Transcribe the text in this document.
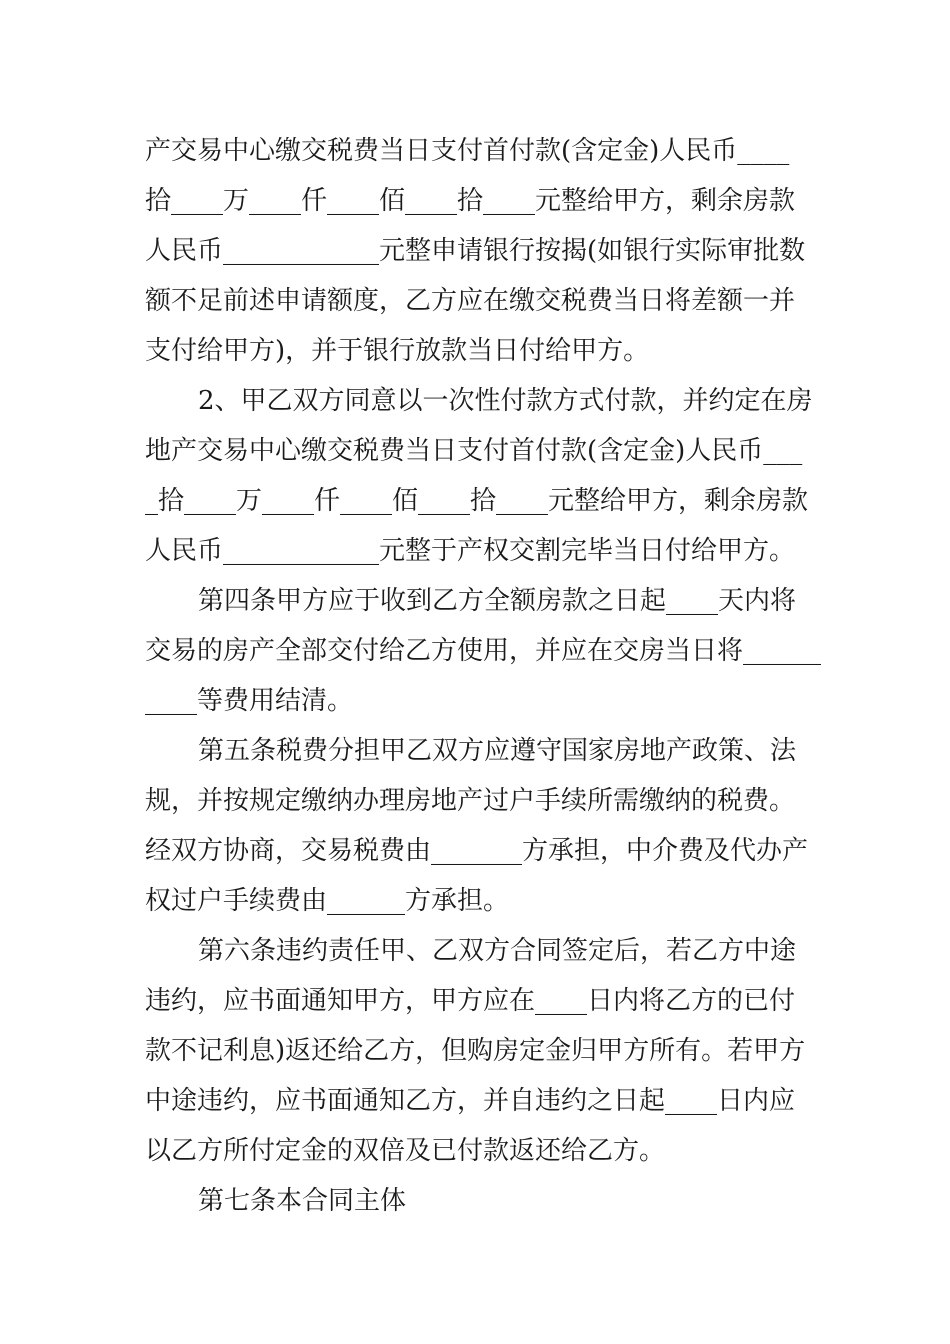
产交易中心缴交税费当日支付首付款(含定金)人民币____
拾____万____仟____佰____拾____元整给甲方，剩余房款
人民币____________元整申请银行按揭(如银行实际审批数
额不足前述申请额度，乙方应在缴交税费当日将差额一并
支付给甲方)，并于银行放款当日付给甲方。
2、甲乙双方同意以一次性付款方式付款，并约定在房
地产交易中心缴交税费当日支付首付款(含定金)人民币___
_拾____万____仟____佰____拾____元整给甲方，剩余房款
人民币____________元整于产权交割完毕当日付给甲方。
第四条甲方应于收到乙方全额房款之日起____天内将
交易的房产全部交付给乙方使用，并应在交房当日将______
____等费用结清。
第五条税费分担甲乙双方应遵守国家房地产政策、法
规，并按规定缴纳办理房地产过户手续所需缴纳的税费。
经双方协商，交易税费由_______方承担，中介费及代办产
权过户手续费由______方承担。
第六条违约责任甲、乙双方合同签定后，若乙方中途
违约，应书面通知甲方，甲方应在____日内将乙方的已付
款不记利息)返还给乙方，但购房定金归甲方所有。若甲方
中途违约，应书面通知乙方，并自违约之日起____日内应
以乙方所付定金的双倍及已付款返还给乙方。
第七条本合同主体
